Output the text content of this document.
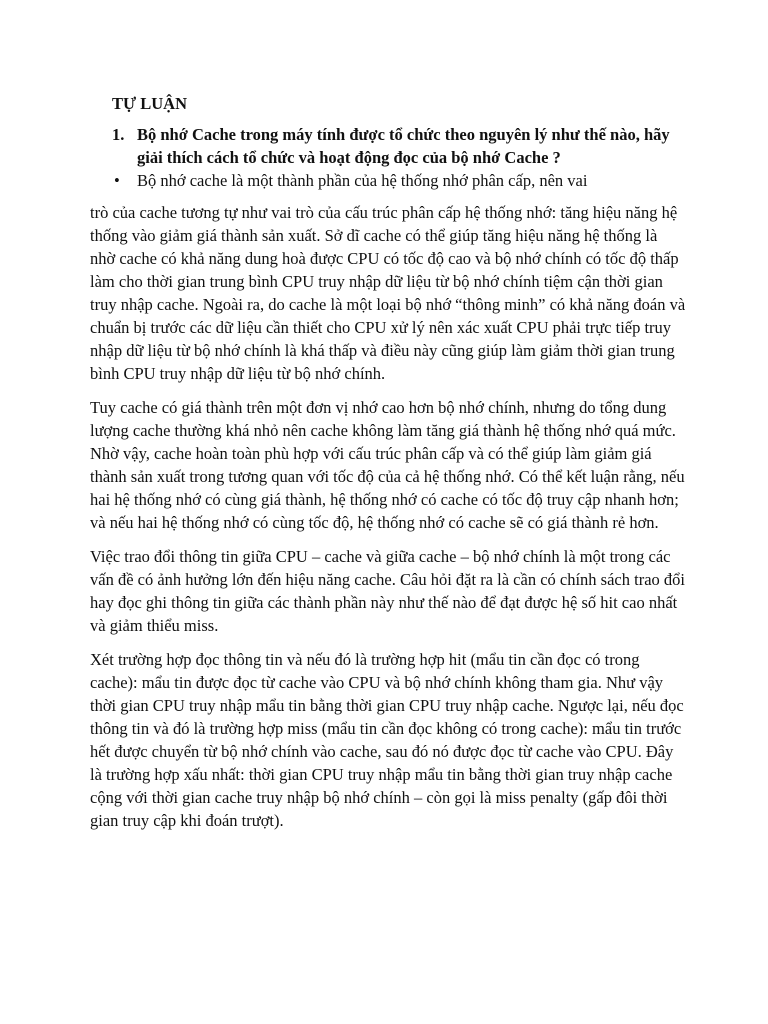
TỰ LUẬN
1. Bộ nhớ Cache trong máy tính được tổ chức theo nguyên lý như thế nào, hãy giải thích cách tổ chức và hoạt động đọc của bộ nhớ Cache ?
•	Bộ nhớ cache là một thành phần của hệ thống nhớ phân cấp, nên vai

trò của cache tương tự như vai trò của cấu trúc phân cấp hệ thống nhớ: tăng hiệu năng hệ thống vào giảm giá thành sản xuất. Sở dĩ cache có thể giúp tăng hiệu năng hệ thống là nhờ cache có khả năng dung hoà được CPU có tốc độ cao và bộ nhớ chính có tốc độ thấp làm cho thời gian trung bình CPU truy nhập dữ liệu từ bộ nhớ chính tiệm cận thời gian truy nhập cache. Ngoài ra, do cache là một loại bộ nhớ “thông minh” có khả năng đoán và chuẩn bị trước các dữ liệu cần thiết cho CPU xử lý nên xác xuất CPU phải trực tiếp truy nhập dữ liệu từ bộ nhớ chính là khá thấp và điều này cũng giúp làm giảm thời gian trung bình CPU truy nhập dữ liệu từ bộ nhớ chính.

Tuy cache có giá thành trên một đơn vị nhớ cao hơn bộ nhớ chính, nhưng do tổng dung lượng cache thường khá nhỏ nên cache không làm tăng giá thành hệ thống nhớ quá mức. Nhờ vậy, cache hoàn toàn phù hợp với cấu trúc phân cấp và có thể giúp làm giảm giá thành sản xuất trong tương quan với tốc độ của cả hệ thống nhớ. Có thể kết luận rằng, nếu hai hệ thống nhớ có cùng giá thành, hệ thống nhớ có cache có tốc độ truy cập nhanh hơn; và nếu hai hệ thống nhớ có cùng tốc độ, hệ thống nhớ có cache sẽ có giá thành rẻ hơn.

Việc trao đổi thông tin giữa CPU – cache và giữa cache – bộ nhớ chính là một trong các vấn đề có ảnh hưởng lớn đến hiệu năng cache. Câu hỏi đặt ra là cần có chính sách trao đổi hay đọc ghi thông tin giữa các thành phần này như thế nào để đạt được hệ số hit cao nhất và giảm thiểu miss.

Xét trường hợp đọc thông tin và nếu đó là trường hợp hit (mẩu tin cần đọc có trong cache): mẩu tin được đọc từ cache vào CPU và bộ nhớ chính không tham gia. Như vậy thời gian CPU truy nhập mẩu tin bằng thời gian CPU truy nhập cache. Ngược lại, nếu đọc thông tin và đó là trường hợp miss (mẩu tin cần đọc không có trong cache): mẩu tin trước hết được chuyển từ bộ nhớ chính vào cache, sau đó nó được đọc từ cache vào CPU. Đây là trường hợp xấu nhất: thời gian CPU truy nhập mẩu tin bằng thời gian truy nhập cache cộng với thời gian cache truy nhập bộ nhớ chính – còn gọi là miss penalty (gấp đôi thời gian truy cập khi đoán trượt).
